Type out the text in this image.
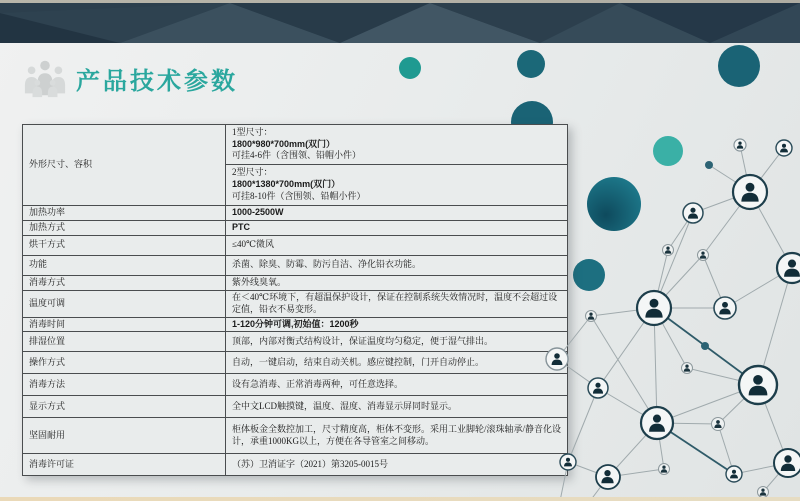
产品技术参数
外形尺寸、容积	1型尺寸：
1800*980*700mm(双门）
可挂4-6件（含围领、铅帽小件）

	2型尺寸：
1800*1380*700mm(双门）
可挂8-10件（含围领、铅帽小件）

加热功率	1000-2500W
加热方式	PTC
烘干方式	≤40℃微风
功能	杀菌、除臭、防霉、防污自洁、净化铅衣功能。
消毒方式	紫外线臭氧。
温度可调	在＜40℃环境下，有超温保护设计，保证在控制系统失效情况时，温度不会超过设定值，铅衣不易变形。
消毒时间	1-120分钟可调,初始值：1200秒
排湿位置	顶部，内部对衡式结构设计，保证温度均匀稳定，便于湿气排出。
操作方式	自动，一键启动，结束自动关机。感应键控制，门开自动停止。
消毒方法	设有急消毒、正常消毒两种，可任意选择。
显示方式	全中文LCD触摸键，温度、湿度、消毒显示屏同时显示。
坚固耐用	柜体板金全数控加工，尺寸精度高，柜体不变形。采用工业脚轮/滚珠轴承/静音化设计，承重1000KG以上，方便在各导管室之间移动。
消毒许可证	（苏）卫消证字（2021）第3205-0015号
